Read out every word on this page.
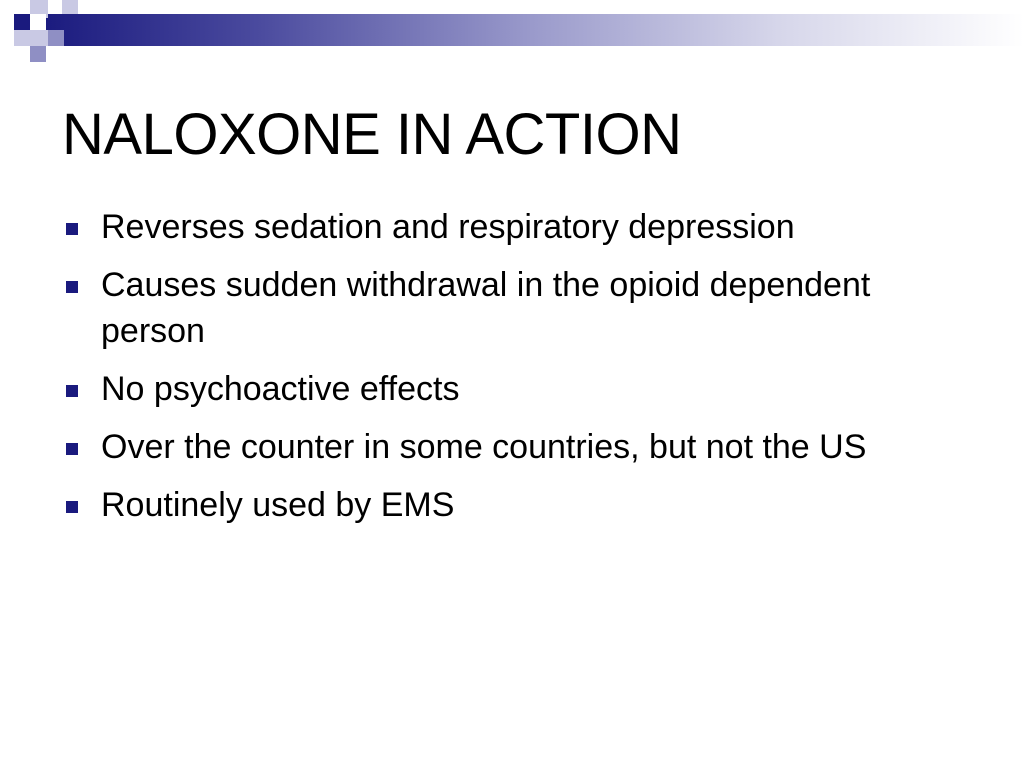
NALOXONE IN ACTION
Reverses sedation and respiratory depression
Causes sudden withdrawal in the opioid dependent person
No psychoactive effects
Over the counter in some countries, but not the US
Routinely used by EMS
